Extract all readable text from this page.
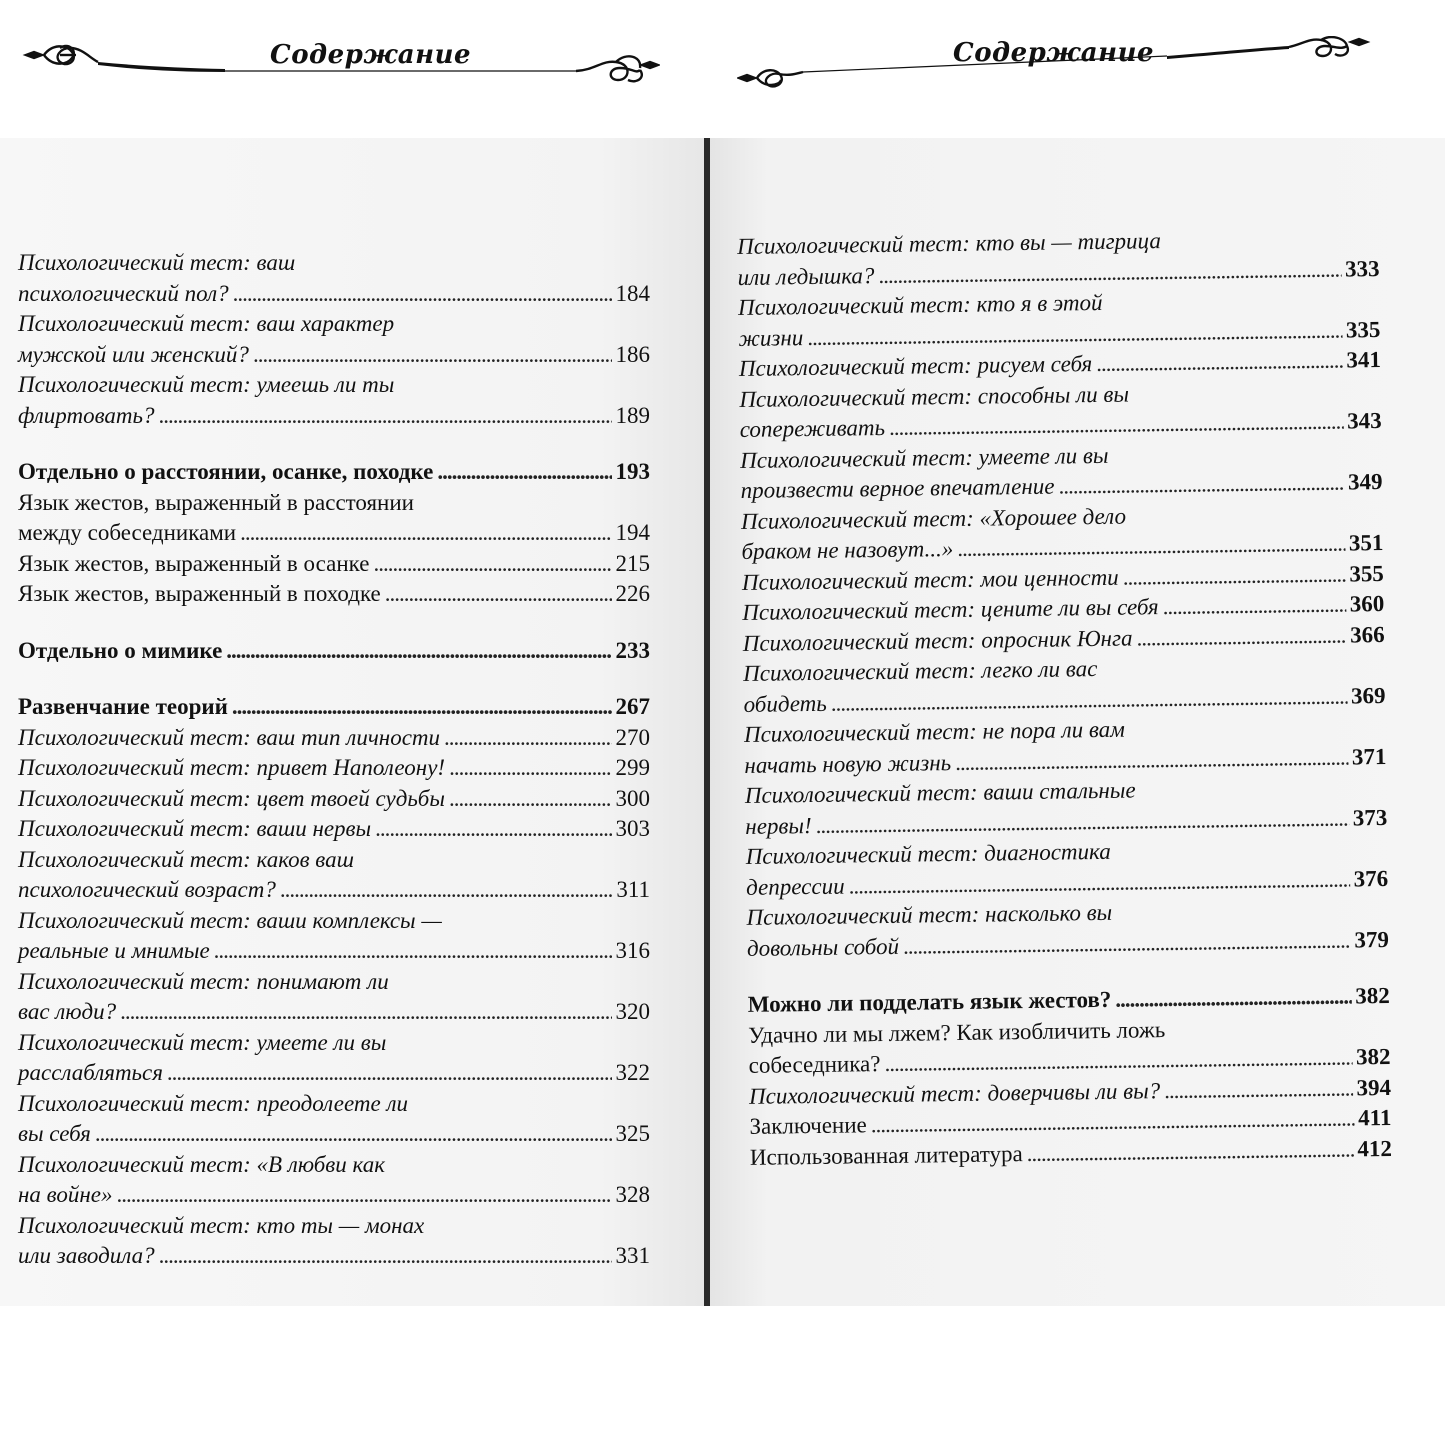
Содержание	Содержание
Психологический тест: ваш
психологический пол? .....	184
Психологический тест: ваш характер
мужской или женский? .....	186
Психологический тест: умеешь ли ты
флиртовать? .....	189
Отдельно о расстоянии, осанке, походке .....	193
Язык жестов, выраженный в расстоянии
между собеседниками .....	194
Язык жестов, выраженный в осанке .....	215
Язык жестов, выраженный в походке .....	226
Отдельно о мимике .....	233
Развенчание теорий .....	267
Психологический тест: ваш тип личности .....	270
Психологический тест: привет Наполеону! .....	299
Психологический тест: цвет твоей судьбы .....	300
Психологический тест: ваши нервы .....	303
Психологический тест: каков ваш
психологический возраст? .....	311
Психологический тест: ваши комплексы —
реальные и мнимые .....	316
Психологический тест: понимают ли
вас люди? .....	320
Психологический тест: умеете ли вы
расслабляться .....	322
Психологический тест: преодолеете ли
вы себя .....	325
Психологический тест: «В любви как
на войне» .....	328
Психологический тест: кто ты — монах
или заводила? .....	331
Психологический тест: кто вы — тигрица
или ледышка? .....	333
Психологический тест: кто я в этой
жизни .....	335
Психологический тест: рисуем себя .....	341
Психологический тест: способны ли вы
сопереживать .....	343
Психологический тест: умеете ли вы
произвести верное впечатление .....	349
Психологический тест: «Хорошее дело
браком не назовут...» .....	351
Психологический тест: мои ценности .....	355
Психологический тест: цените ли вы себя .....	360
Психологический тест: опросник Юнга .....	366
Психологический тест: легко ли вас
обидеть .....	369
Психологический тест: не пора ли вам
начать новую жизнь .....	371
Психологический тест: ваши стальные
нервы! .....	373
Психологический тест: диагностика
депрессии .....	376
Психологический тест: насколько вы
довольны собой .....	379
Можно ли подделать язык жестов? .....	382
Удачно ли мы лжем? Как изобличить ложь
собеседника? .....	382
Психологический тест: доверчивы ли вы? .....	394
Заключение .....	411
Использованная литература .....	412
